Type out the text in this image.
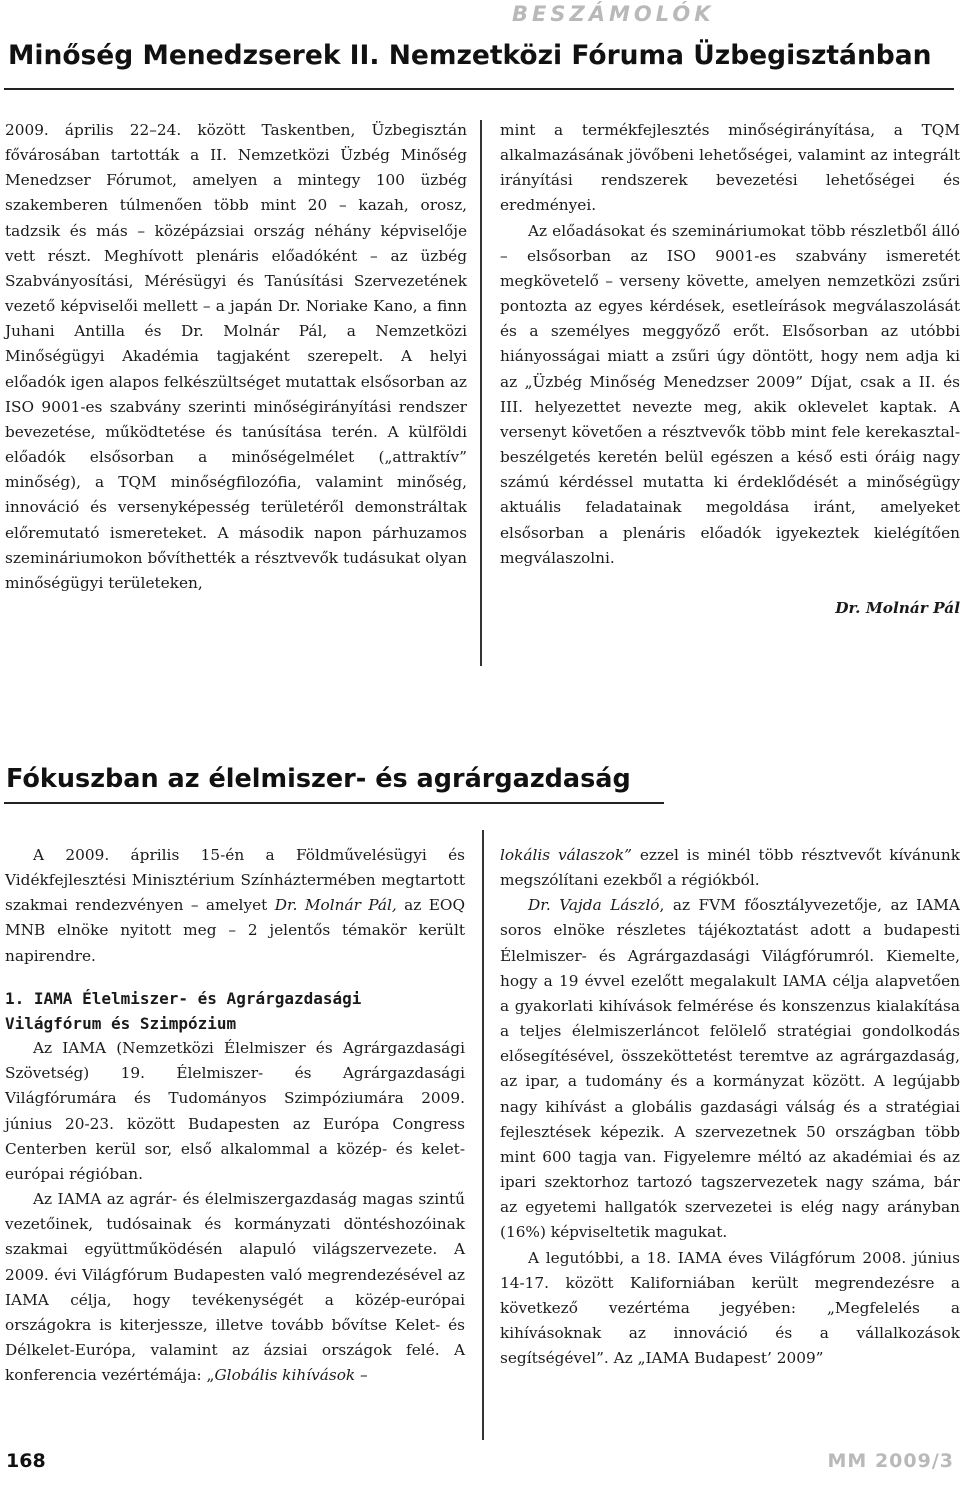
BESZÁMOLÓK
Minőség Menedzserek II. Nemzetközi Fóruma Üzbegisztánban

2009. április 22–24. között Taskentben, Üzbegisztán fővárosában tartották a II. Nemzetközi Üzbég Minőség Menedzser Fórumot, amelyen a mintegy 100 üzbég szakemberen túlmenően több mint 20 – kazah, orosz, tadzsik és más – középázsiai ország néhány képviselője vett részt. Meghívott plenáris előadóként – az üzbég Szabványosítási, Mérésügyi és Tanúsítási Szervezetének vezető képviselői mellett – a japán Dr. Noriake Kano, a finn Juhani Antilla és Dr. Molnár Pál, a Nemzetközi Minőségügyi Akadémia tagjaként szerepelt. A helyi előadók igen alapos felkészültséget mutattak elsősorban az ISO 9001-es szabvány szerinti minőségirányítási rendszer bevezetése, működtetése és tanúsítása terén. A külföldi előadók elsősorban a minőségelmélet („attraktív” minőség), a TQM minőségfilozófia, valamint minőség, innováció és versenyképesség területéről demonstráltak előremutató ismereteket. A második napon párhuzamos szemináriumokon bővíthették a résztvevők tudásukat olyan minőségügyi területeken,

mint a termékfejlesztés minőségirányítása, a TQM alkalmazásának jövőbeni lehetőségei, valamint az integrált irányítási rendszerek bevezetési lehetőségei és eredményei.

Az előadásokat és szemináriumokat több részletből álló – elsősorban az ISO 9001-es szabvány ismeretét megkövetelő – verseny követte, amelyen nemzetközi zsűri pontozta az egyes kérdések, esetleírások megválaszolását és a személyes meggyőző erőt. Elsősorban az utóbbi hiányosságai miatt a zsűri úgy döntött, hogy nem adja ki az „Üzbég Minőség Menedzser 2009” Díjat, csak a II. és III. helyezettet nevezte meg, akik oklevelet kaptak. A versenyt követően a résztvevők több mint fele kerekasztal-beszélgetés keretén belül egészen a késő esti óráig nagy számú kérdéssel mutatta ki érdeklődését a minőségügy aktuális feladatainak megoldása iránt, amelyeket elsősorban a plenáris előadók igyekeztek kielégítően megválaszolni.

Dr. Molnár Pál

Fókuszban az élelmiszer- és agrárgazdaság

A 2009. április 15-én a Földművelésügyi és Vidékfejlesztési Minisztérium Színháztermében megtartott szakmai rendezvényen – amelyet Dr. Molnár Pál, az EOQ MNB elnöke nyitott meg – 2 jelentős témakör került napirendre.

1. IAMA Élelmiszer- és Agrárgazdasági Világfórum és Szimpózium

Az IAMA (Nemzetközi Élelmiszer és Agrárgazdasági Szövetség) 19. Élelmiszer- és Agrárgazdasági Világfórumára és Tudományos Szimpóziumára 2009. június 20-23. között Budapesten az Európa Congress Centerben kerül sor, első alkalommal a közép- és kelet-európai régióban.

Az IAMA az agrár- és élelmiszergazdaság magas szintű vezetőinek, tudósainak és kormányzati döntéshozóinak szakmai együttműködésén alapuló világszervezete. A 2009. évi Világfórum Budapesten való megrendezésével az IAMA célja, hogy tevékenységét a közép-európai országokra is kiterjessze, illetve tovább bővítse Kelet- és Délkelet-Európa, valamint az ázsiai országok felé. A konferencia vezértémája: „Globális kihívások –

lokális válaszok” ezzel is minél több résztvevőt kívánunk megszólítani ezekből a régiókból.

Dr. Vajda László, az FVM főosztályvezetője, az IAMA soros elnöke részletes tájékoztatást adott a budapesti Élelmiszer- és Agrárgazdasági Világfórumról. Kiemelte, hogy a 19 évvel ezelőtt megalakult IAMA célja alapvetően a gyakorlati kihívások felmérése és konszenzus kialakítása a teljes élelmiszerláncot felölelő stratégiai gondolkodás elősegítésével, összeköttetést teremtve az agrárgazdaság, az ipar, a tudomány és a kormányzat között. A legújabb nagy kihívást a globális gazdasági válság és a stratégiai fejlesztések képezik. A szervezetnek 50 országban több mint 600 tagja van. Figyelemre méltó az akadémiai és az ipari szektorhoz tartozó tagszervezetek nagy száma, bár az egyetemi hallgatók szervezetei is elég nagy arányban (16%) képviseltetik magukat.

A legutóbbi, a 18. IAMA éves Világfórum 2008. június 14-17. között Kaliforniában került megrendezésre a következő vezértéma jegyében: „Megfelelés a kihívásoknak az innováció és a vállalkozások segítségével”. Az „IAMA Budapest’ 2009”

168	MM 2009/3
